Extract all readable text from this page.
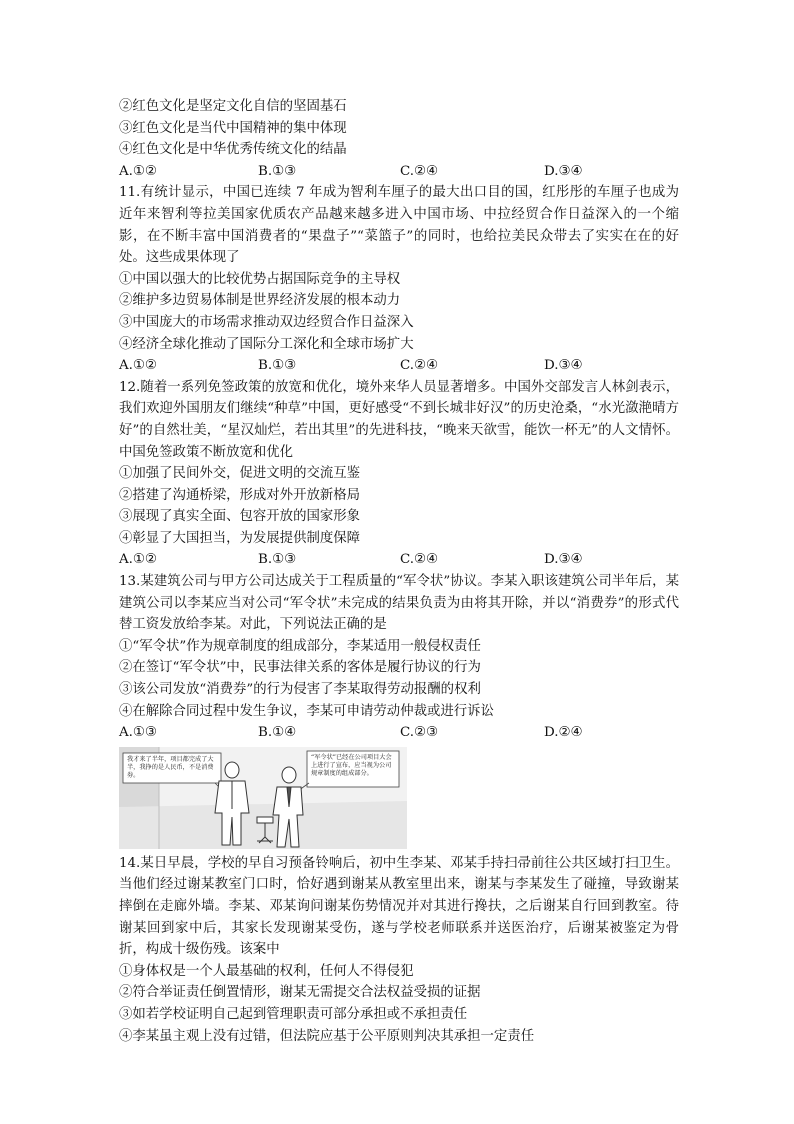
②红色文化是坚定文化自信的坚固基石
③红色文化是当代中国精神的集中体现
④红色文化是中华优秀传统文化的结晶
A.①②	B.①③	C.②④	D.③④
11.有统计显示，中国已连续 7 年成为智利车厘子的最大出口目的国，红彤彤的车厘子也成为近年来智利等拉美国家优质农产品越来越多进入中国市场、中拉经贸合作日益深入的一个缩影，在不断丰富中国消费者的“果盘子”“菜篮子”的同时，也给拉美民众带去了实实在在的好处。这些成果体现了
①中国以强大的比较优势占据国际竞争的主导权
②维护多边贸易体制是世界经济发展的根本动力
③中国庞大的市场需求推动双边经贸合作日益深入
④经济全球化推动了国际分工深化和全球市场扩大
A.①②	B.①③	C.②④	D.③④
12.随着一系列免签政策的放宽和优化，境外来华人员显著增多。中国外交部发言人林剑表示，我们欢迎外国朋友们继续“种草”中国，更好感受“不到长城非好汉”的历史沧桑，“水光潋滟晴方好”的自然壮美，“星汉灿烂，若出其里”的先进科技，“晚来天欲雪，能饮一杯无”的人文情怀。中国免签政策不断放宽和优化
①加强了民间外交，促进文明的交流互鉴
②搭建了沟通桥梁，形成对外开放新格局
③展现了真实全面、包容开放的国家形象
④彰显了大国担当，为发展提供制度保障
A.①②	B.①③	C.②④	D.③④
13.某建筑公司与甲方公司达成关于工程质量的“军令状”协议。李某入职该建筑公司半年后，某建筑公司以李某应当对公司“军令状”未完成的结果负责为由将其开除，并以“消费券”的形式代替工资发放给李某。对此，下列说法正确的是
①“军令状”作为规章制度的组成部分，李某适用一般侵权责任
②在签订“军令状”中，民事法律关系的客体是履行协议的行为
③该公司发放“消费券”的行为侵害了李某取得劳动报酬的权利
④在解除合同过程中发生争议，李某可申请劳动仲裁或进行诉讼
A.①③	B.①④	C.②③	D.②④
我才来了半年，项目都完成了大半，我挣的是人民币，不是消费券。
“军令状”已经在公司项目大会上进行了宣布，应当视为公司规章制度的组成部分。
14.某日早晨，学校的早自习预备铃响后，初中生李某、邓某手持扫帚前往公共区域打扫卫生。当他们经过谢某教室门口时，恰好遇到谢某从教室里出来，谢某与李某发生了碰撞，导致谢某摔倒在走廊外墙。李某、邓某询问谢某伤势情况并对其进行搀扶，之后谢某自行回到教室。待谢某回到家中后，其家长发现谢某受伤，遂与学校老师联系并送医治疗，后谢某被鉴定为骨折，构成十级伤残。该案中
①身体权是一个人最基础的权利，任何人不得侵犯
②符合举证责任倒置情形，谢某无需提交合法权益受损的证据
③如若学校证明自己起到管理职责可部分承担或不承担责任
④李某虽主观上没有过错，但法院应基于公平原则判决其承担一定责任
